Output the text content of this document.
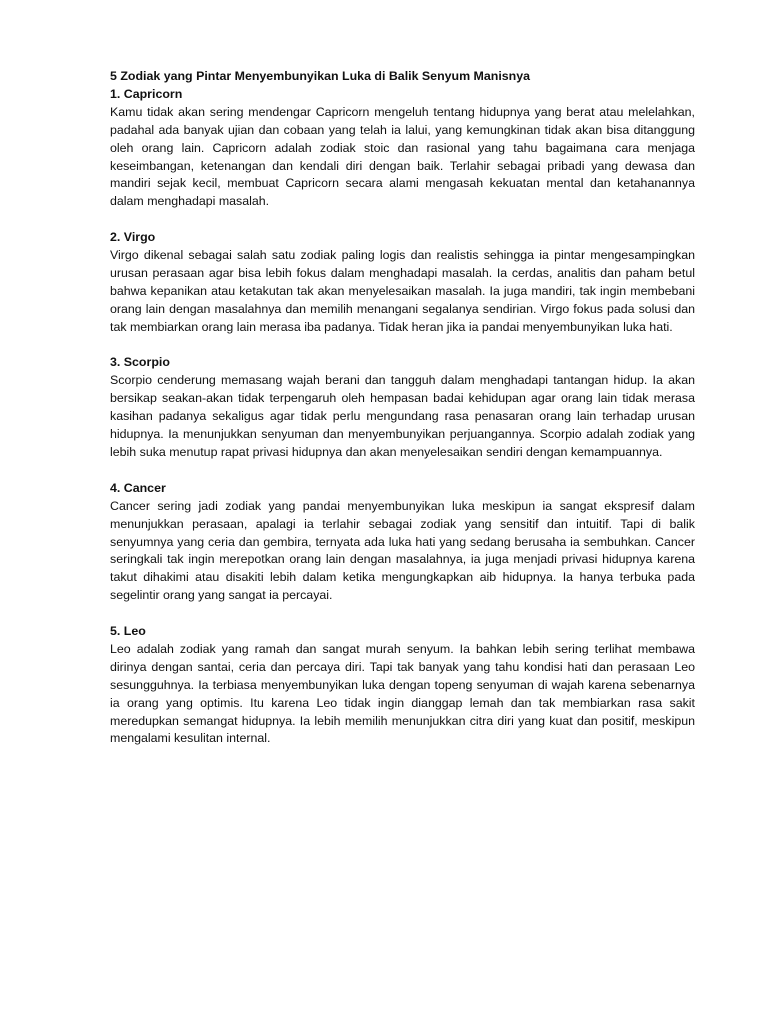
5 Zodiak yang Pintar Menyembunyikan Luka di Balik Senyum Manisnya

1. Capricorn

Kamu tidak akan sering mendengar Capricorn mengeluh tentang hidupnya yang berat atau melelahkan, padahal ada banyak ujian dan cobaan yang telah ia lalui, yang kemungkinan tidak akan bisa ditanggung oleh orang lain. Capricorn adalah zodiak stoic dan rasional yang tahu bagaimana cara menjaga keseimbangan, ketenangan dan kendali diri dengan baik. Terlahir sebagai pribadi yang dewasa dan mandiri sejak kecil, membuat Capricorn secara alami mengasah kekuatan mental dan ketahanannya dalam menghadapi masalah.

2. Virgo

Virgo dikenal sebagai salah satu zodiak paling logis dan realistis sehingga ia pintar mengesampingkan urusan perasaan agar bisa lebih fokus dalam menghadapi masalah. Ia cerdas, analitis dan paham betul bahwa kepanikan atau ketakutan tak akan menyelesaikan masalah. Ia juga mandiri, tak ingin membebani orang lain dengan masalahnya dan memilih menangani segalanya sendirian. Virgo fokus pada solusi dan tak membiarkan orang lain merasa iba padanya. Tidak heran jika ia pandai menyembunyikan luka hati.

3. Scorpio

Scorpio cenderung memasang wajah berani dan tangguh dalam menghadapi tantangan hidup. Ia akan bersikap seakan-akan tidak terpengaruh oleh hempasan badai kehidupan agar orang lain tidak merasa kasihan padanya sekaligus agar tidak perlu mengundang rasa penasaran orang lain terhadap urusan hidupnya. Ia menunjukkan senyuman dan menyembunyikan perjuangannya. Scorpio adalah zodiak yang lebih suka menutup rapat privasi hidupnya dan akan menyelesaikan sendiri dengan kemampuannya.

4. Cancer

Cancer sering jadi zodiak yang pandai menyembunyikan luka meskipun ia sangat ekspresif dalam menunjukkan perasaan, apalagi ia terlahir sebagai zodiak yang sensitif dan intuitif. Tapi di balik senyumnya yang ceria dan gembira, ternyata ada luka hati yang sedang berusaha ia sembuhkan. Cancer seringkali tak ingin merepotkan orang lain dengan masalahnya, ia juga menjadi privasi hidupnya karena takut dihakimi atau disakiti lebih dalam ketika mengungkapkan aib hidupnya. Ia hanya terbuka pada segelintir orang yang sangat ia percayai.

5. Leo

Leo adalah zodiak yang ramah dan sangat murah senyum. Ia bahkan lebih sering terlihat membawa dirinya dengan santai, ceria dan percaya diri. Tapi tak banyak yang tahu kondisi hati dan perasaan Leo sesungguhnya. Ia terbiasa menyembunyikan luka dengan topeng senyuman di wajah karena sebenarnya ia orang yang optimis. Itu karena Leo tidak ingin dianggap lemah dan tak membiarkan rasa sakit meredupkan semangat hidupnya. Ia lebih memilih menunjukkan citra diri yang kuat dan positif, meskipun mengalami kesulitan internal.
